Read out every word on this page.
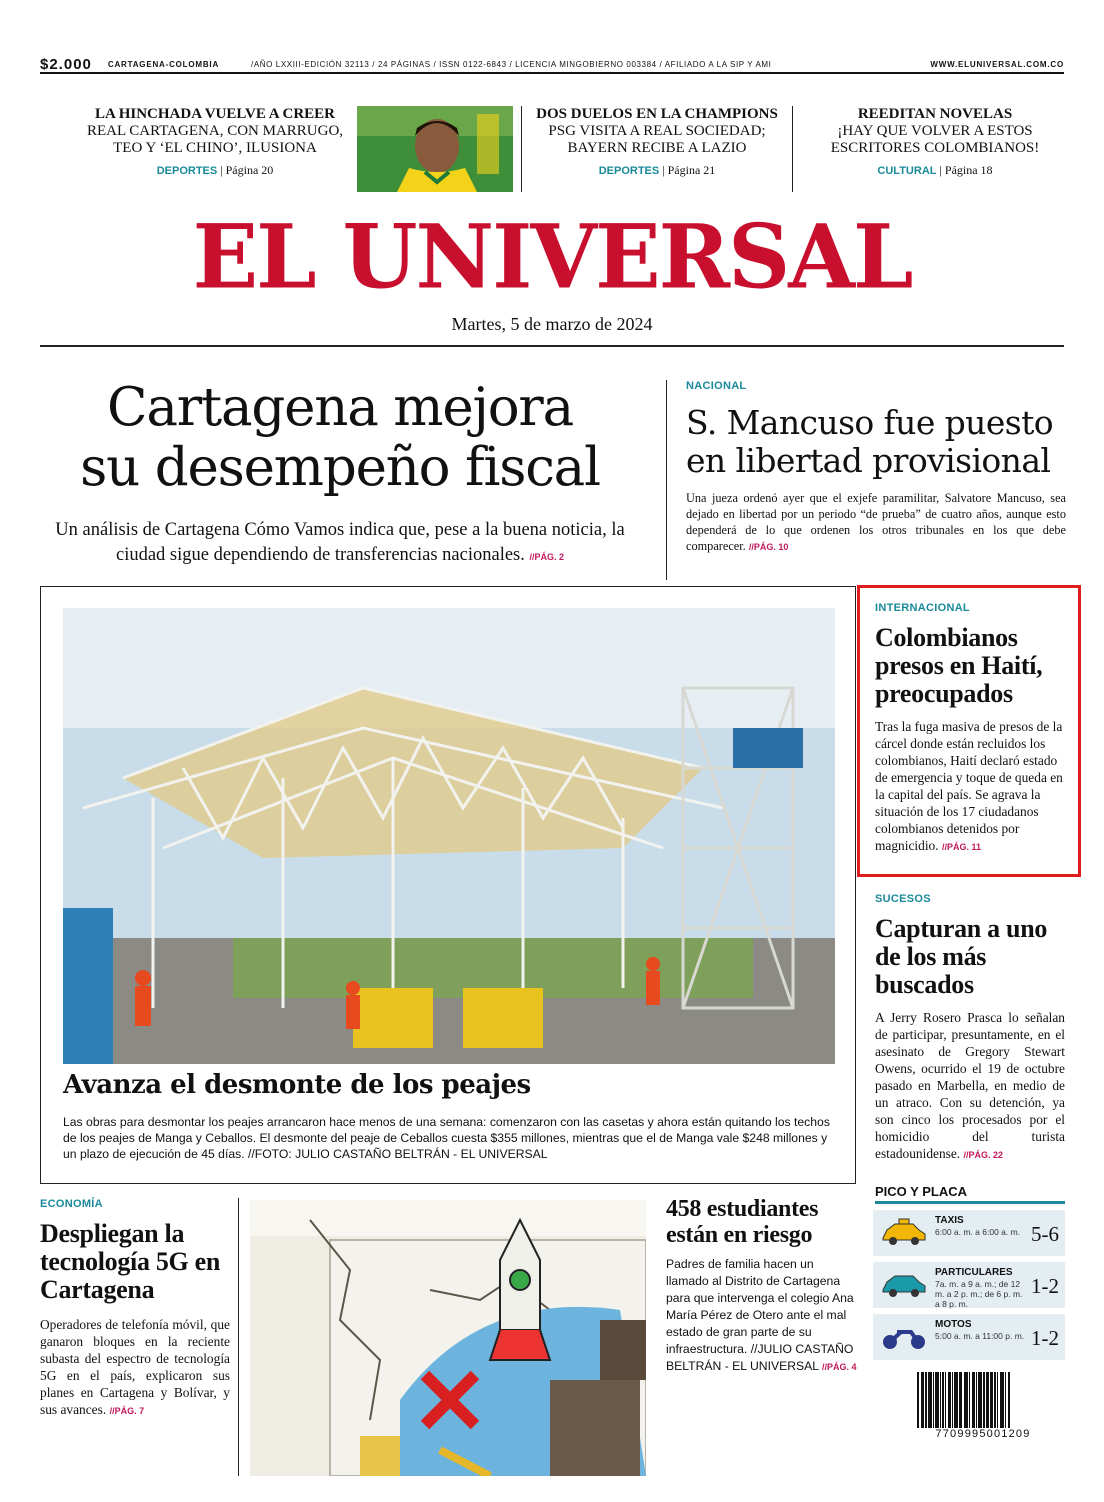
$2.000 CARTAGENA-COLOMBIA	/AÑO LXXIII-EDICIÓN 32113 / 24 PÁGINAS / ISSN 0122-6843 / LICENCIA MINGOBIERNO 003384 / AFILIADO A LA SIP Y AMI	WWW.ELUNIVERSAL.COM.CO
LA HINCHADA VUELVE A CREER
REAL CARTAGENA, CON MARRUGO,
TEO Y ‘EL CHINO’, ILUSIONA
DEPORTES | Página 20
DOS DUELOS EN LA CHAMPIONS
PSG VISITA A REAL SOCIEDAD;
BAYERN RECIBE A LAZIO
DEPORTES | Página 21
REEDITAN NOVELAS
¡HAY QUE VOLVER A ESTOS
ESCRITORES COLOMBIANOS!
CULTURAL | Página 18
EL UNIVERSAL
Martes, 5 de marzo de 2024
Cartagena mejora
su desempeño fiscal
Un análisis de Cartagena Cómo Vamos indica que, pese a la buena noticia, la ciudad sigue dependiendo de transferencias nacionales. //PÁG. 2
NACIONAL
S. Mancuso fue puesto en libertad provisional

Una jueza ordenó ayer que el exjefe paramilitar, Salvatore Mancuso, sea dejado en libertad por un periodo “de prueba” de cuatro años, aunque esto dependerá de lo que ordenen los otros tribunales en los que debe comparecer. //PÁG. 10

Avanza el desmonte de los peajes
Las obras para desmontar los peajes arrancaron hace menos de una semana: comenzaron con las casetas y ahora están quitando los techos de los peajes de Manga y Ceballos. El desmonte del peaje de Ceballos cuesta $355 millones, mientras que el de Manga vale $248 millones y un plazo de ejecución de 45 días. //FOTO: JULIO CASTAÑO BELTRÁN - EL UNIVERSAL
INTERNACIONAL
Colombianos presos en Haití, preocupados

Tras la fuga masiva de presos de la cárcel donde están recluidos los colombianos, Haití declaró estado de emergencia y toque de queda en la capital del país. Se agrava la situación de los 17 ciudadanos colombianos detenidos por magnicidio. //PÁG. 11

SUCESOS
Capturan a uno de los más buscados

A Jerry Rosero Prasca lo señalan de participar, presuntamente, en el asesinato de Gregory Stewart Owens, ocurrido el 19 de octubre pasado en Marbella, en medio de un atraco. Con su detención, ya son cinco los procesados por el homicidio del turista estadounidense. //PÁG. 22

ECONOMÍA
Despliegan la tecnología 5G en Cartagena

Operadores de telefonía móvil, que ganaron bloques en la reciente subasta del espectro de tecnología 5G en el país, explicaron sus planes en Cartagena y Bolívar, y sus avances. //PÁG. 7

458 estudiantes están en riesgo

Padres de familia hacen un llamado al Distrito de Cartagena para que intervenga el colegio Ana María Pérez de Otero ante el mal estado de gran parte de su infraestructura. //JULIO CASTAÑO BELTRÁN - EL UNIVERSAL //PÁG. 4

PICO Y PLACA
TAXIS
6:00 a. m. a 6:00 a. m. 5-6
PARTICULARES
7a. m. a 9 a. m.; de 12 m. a 2 p. m.; de 6 p. m. a 8 p. m.
1-2
MOTOS
5:00 a. m. a 11:00 p. m. 1-2
7709995001209
